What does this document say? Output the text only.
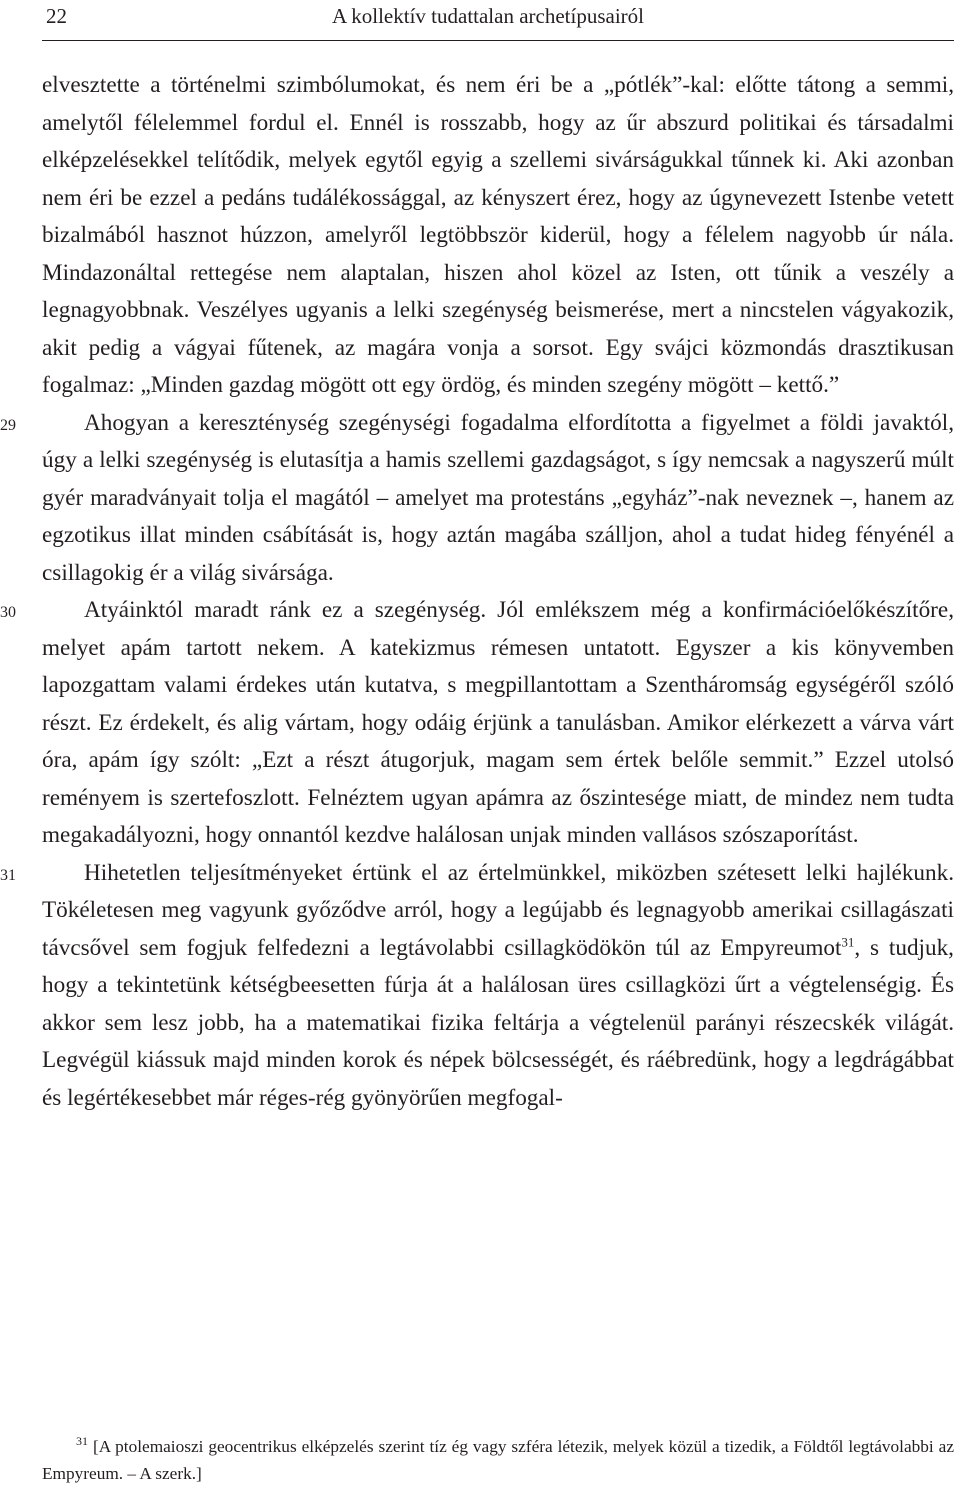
22	A kollektív tudattalan archetípusairól

elvesztette a történelmi szimbólumokat, és nem éri be a „pótlék”-kal: előtte tátong a semmi, amelytől félelemmel fordul el. Ennél is rosszabb, hogy az űr abszurd politikai és társadalmi elképzelésekkel telítődik, melyek egytől egyig a szellemi sivárságukkal tűnnek ki. Aki azonban nem éri be ezzel a pedáns tudálékossággal, az kényszert érez, hogy az úgynevezett Istenbe vetett bizalmából hasznot húzzon, amelyről legtöbbször kiderül, hogy a félelem nagyobb úr nála. Mindazonáltal rettegése nem alaptalan, hiszen ahol közel az Isten, ott tűnik a veszély a legnagyobbnak. Veszélyes ugyanis a lelki szegénység beismerése, mert a nincstelen vágyakozik, akit pedig a vágyai fűtenek, az magára vonja a sorsot. Egy svájci közmondás drasztikusan fogalmaz: „Minden gazdag mögött ott egy ördög, és minden szegény mögött – kettő.”

29	Ahogyan a kereszténység szegénységi fogadalma elfordította a figyelmet a földi javaktól, úgy a lelki szegénység is elutasítja a hamis szellemi gazdagságot, s így nemcsak a nagyszerű múlt gyér maradványait tolja el magától – amelyet ma protestáns „egyház”-nak neveznek –, hanem az egzotikus illat minden csábítását is, hogy aztán magába szálljon, ahol a tudat hideg fényénél a csillagokig ér a világ sivársága.

30	Atyáinktól maradt ránk ez a szegénység. Jól emlékszem még a konfirmációelőkészítőre, melyet apám tartott nekem. A katekizmus rémesen untatott. Egyszer a kis könyvemben lapozgattam valami érdekes után kutatva, s megpillantottam a Szentháromság egységéről szóló részt. Ez érdekelt, és alig vártam, hogy odáig érjünk a tanulásban. Amikor elérkezett a várva várt óra, apám így szólt: „Ezt a részt átugorjuk, magam sem értek belőle semmit.” Ezzel utolsó reményem is szertefoszlott. Felnéztem ugyan apámra az őszintesége miatt, de mindez nem tudta megakadályozni, hogy onnantól kezdve halálosan unjak minden vallásos szószaporítást.

31	Hihetetlen teljesítményeket értünk el az értelmünkkel, miközben szétesett lelki hajlékunk. Tökéletesen meg vagyunk győződve arról, hogy a legújabb és legnagyobb amerikai csillagászati távcsővel sem fogjuk felfedezni a legtávolabbi csillagködökön túl az Empyreumot$^{31}$, s tudjuk, hogy a tekintetünk kétségbeesetten fúrja át a halálosan üres csillagközi űrt a végtelenségig. És akkor sem lesz jobb, ha a matematikai fizika feltárja a végtelenül parányi részecskék világát. Legvégül kiássuk majd minden korok és népek bölcsességét, és ráébredünk, hogy a legdrágábbat és legértékesebbet már réges-rég gyönyörűen megfogal-

$^{31}$ [A ptolemaioszi geocentrikus elképzelés szerint tíz ég vagy szféra létezik, melyek közül a tizedik, a Földtől legtávolabbi az Empyreum. – A szerk.]
